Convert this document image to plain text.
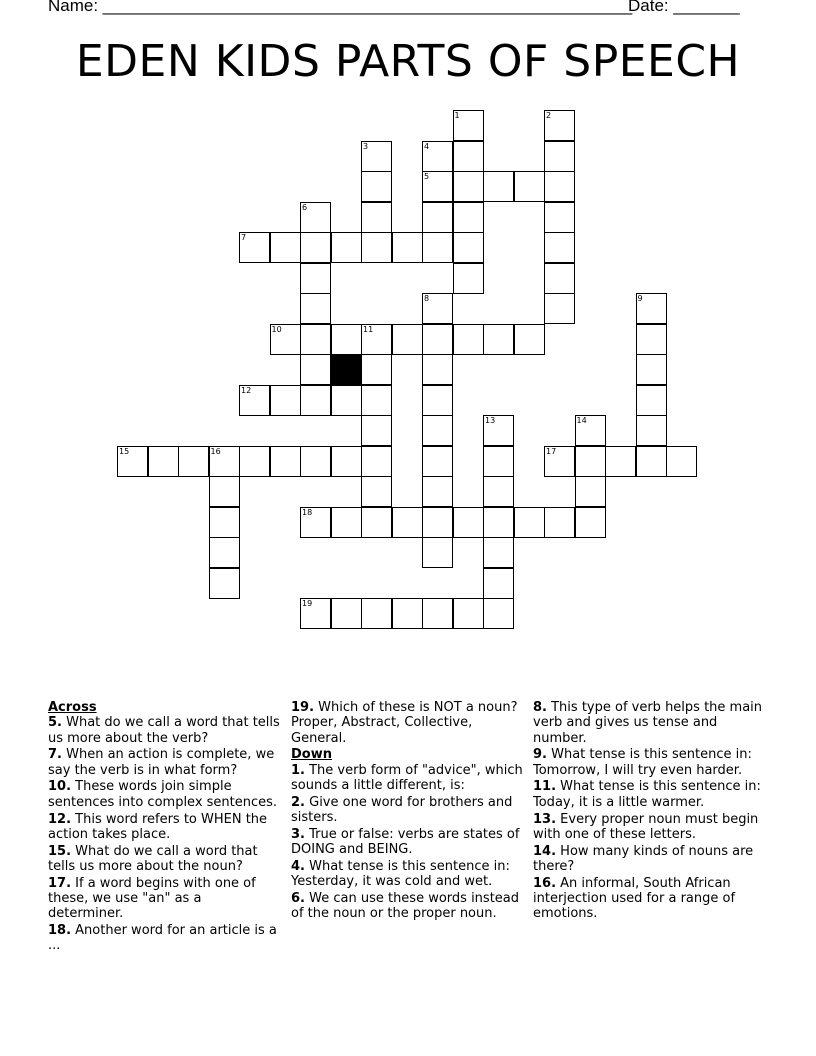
Name: ________________________________________________________
Date: _______
EDEN KIDS PARTS OF SPEECH
1	2
3	4
5
6
7
8	9
10	11
12
13	14
15	16	17
18
19
Across
5. What do we call a word that tells us more about the verb?
7. When an action is complete, we say the verb is in what form?
10. These words join simple sentences into complex sentences.
12. This word refers to WHEN the action takes place.
15. What do we call a word that tells us more about the noun?
17. If a word begins with one of these, we use "an" as a determiner.
18. Another word for an article is a ...
19. Which of these is NOT a noun? Proper, Abstract, Collective, General.
Down
1. The verb form of "advice", which sounds a little different, is:
2. Give one word for brothers and sisters.
3. True or false: verbs are states of DOING and BEING.
4. What tense is this sentence in: Yesterday, it was cold and wet.
6. We can use these words instead of the noun or the proper noun.
8. This type of verb helps the main verb and gives us tense and number.
9. What tense is this sentence in: Tomorrow, I will try even harder.
11. What tense is this sentence in: Today, it is a little warmer.
13. Every proper noun must begin with one of these letters.
14. How many kinds of nouns are there?
16. An informal, South African interjection used for a range of emotions.
